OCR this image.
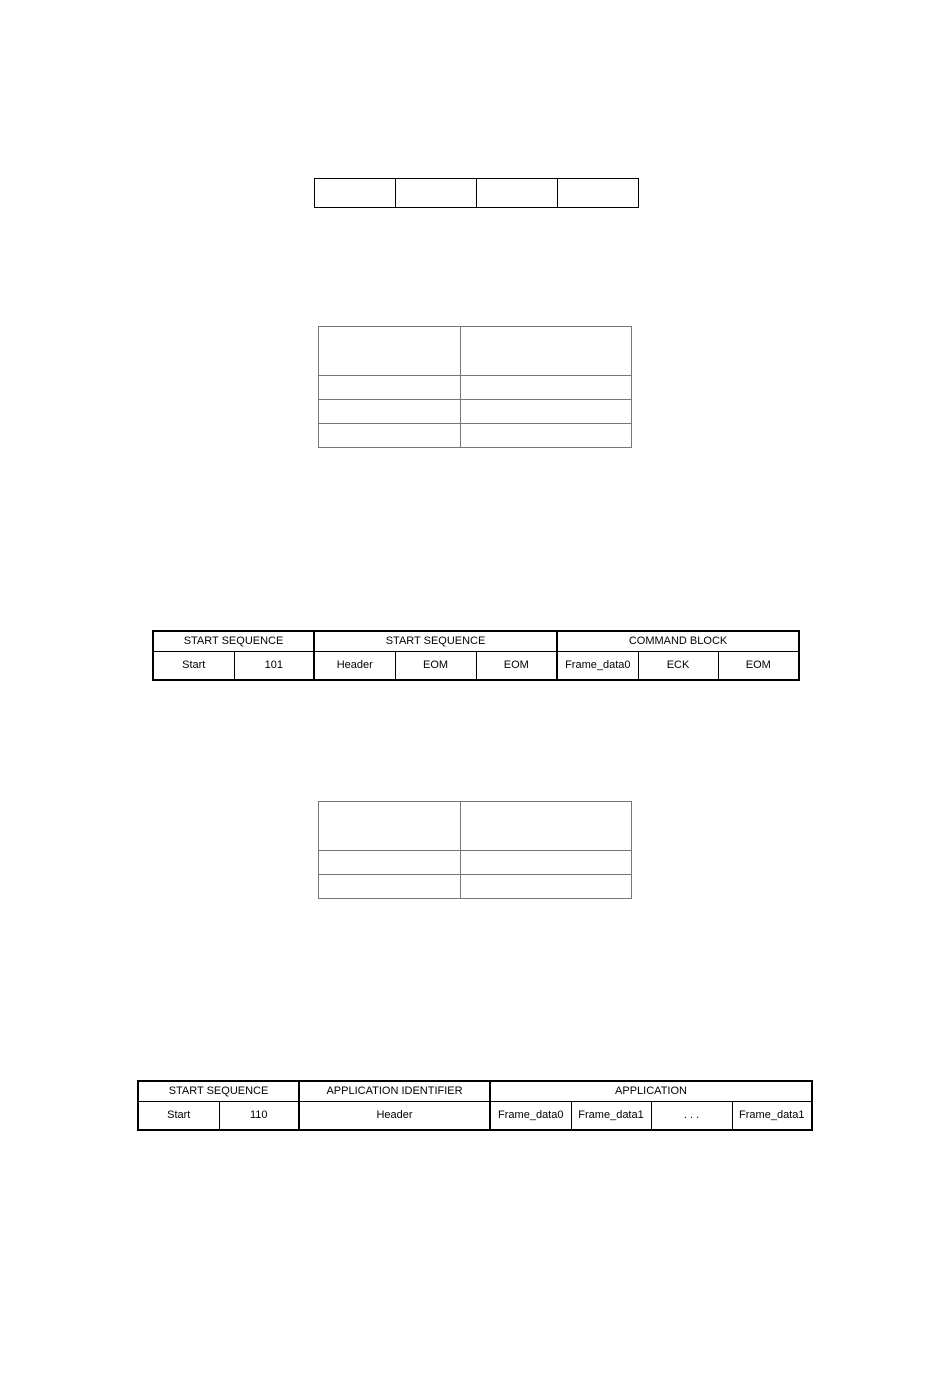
START SEQUENCE		START SEQUENCE			COMMAND BLOCK		
Start	101	Header	EOM	EOM	Frame_data0	ECK	EOM

START SEQUENCE		APPLICATION IDENTIFIER	APPLICATION			
Start	110	Header	Frame_data0	Frame_data1	. . .	Frame_data1
